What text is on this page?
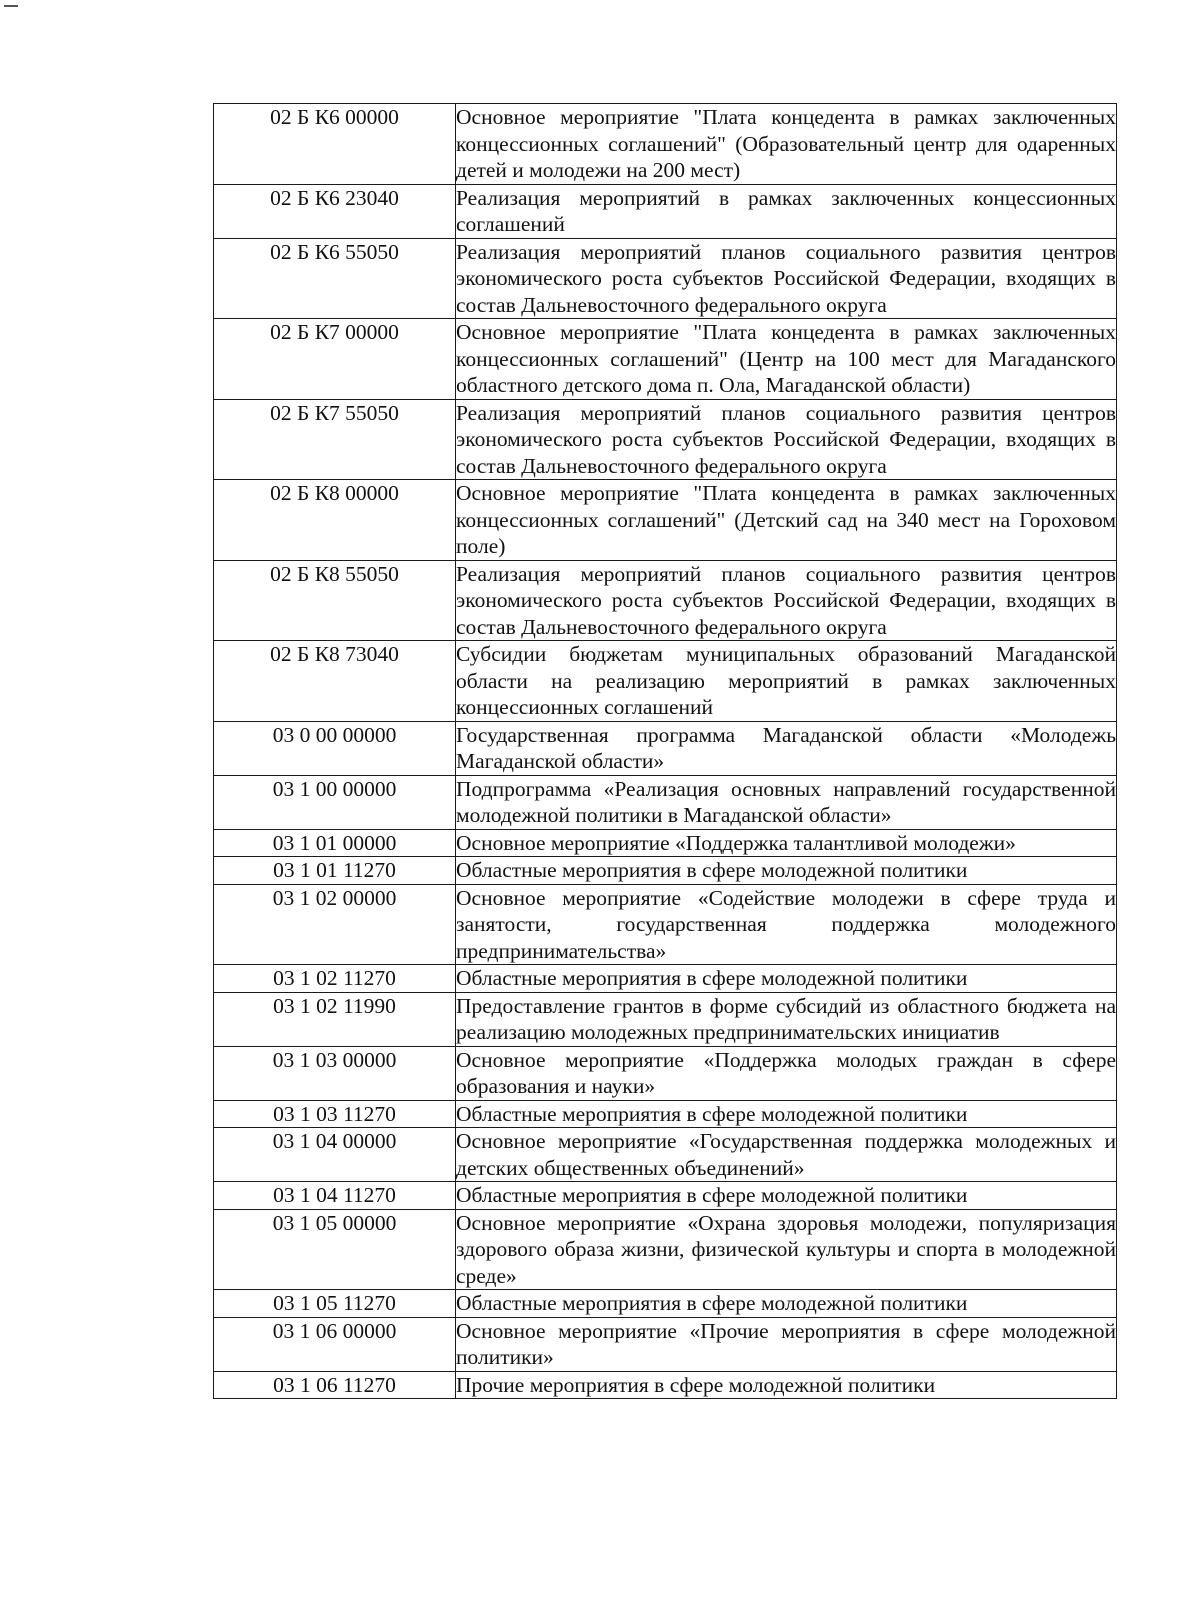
02 Б К6 00000	Основное мероприятие "Плата концедента в рамках заключенных концессионных соглашений" (Образовательный центр для одаренных детей и молодежи на 200 мест)
02 Б К6 23040	Реализация мероприятий в рамках заключенных концессионных соглашений
02 Б К6 55050	Реализация мероприятий планов социального развития центров экономического роста субъектов Российской Федерации, входящих в состав Дальневосточного федерального округа
02 Б К7 00000	Основное мероприятие "Плата концедента в рамках заключенных концессионных соглашений" (Центр на 100 мест для Магаданского областного детского дома п. Ола, Магаданской области)
02 Б К7 55050	Реализация мероприятий планов социального развития центров экономического роста субъектов Российской Федерации, входящих в состав Дальневосточного федерального округа
02 Б К8 00000	Основное мероприятие "Плата концедента в рамках заключенных концессионных соглашений" (Детский сад на 340 мест на Гороховом поле)
02 Б К8 55050	Реализация мероприятий планов социального развития центров экономического роста субъектов Российской Федерации, входящих в состав Дальневосточного федерального округа
02 Б К8 73040	Субсидии бюджетам муниципальных образований Магаданской области на реализацию мероприятий в рамках заключенных концессионных соглашений
03 0 00 00000	Государственная программа Магаданской области «Молодежь Магаданской области»
03 1 00 00000	Подпрограмма «Реализация основных направлений государственной молодежной политики в Магаданской области»
03 1 01 00000	Основное мероприятие «Поддержка талантливой молодежи»
03 1 01 11270	Областные мероприятия в сфере молодежной политики
03 1 02 00000	Основное мероприятие «Содействие молодежи в сфере труда и занятости, государственная поддержка молодежного предпринимательства»
03 1 02 11270	Областные мероприятия в сфере молодежной политики
03 1 02 11990	Предоставление грантов в форме субсидий из областного бюджета на реализацию молодежных предпринимательских инициатив
03 1 03 00000	Основное мероприятие «Поддержка молодых граждан в сфере образования и науки»
03 1 03 11270	Областные мероприятия в сфере молодежной политики
03 1 04 00000	Основное мероприятие «Государственная поддержка молодежных и детских общественных объединений»
03 1 04 11270	Областные мероприятия в сфере молодежной политики
03 1 05 00000	Основное мероприятие «Охрана здоровья молодежи, популяризация здорового образа жизни, физической культуры и спорта в молодежной среде»
03 1 05 11270	Областные мероприятия в сфере молодежной политики
03 1 06 00000	Основное мероприятие «Прочие мероприятия в сфере молодежной политики»
03 1 06 11270	Прочие мероприятия в сфере молодежной политики
